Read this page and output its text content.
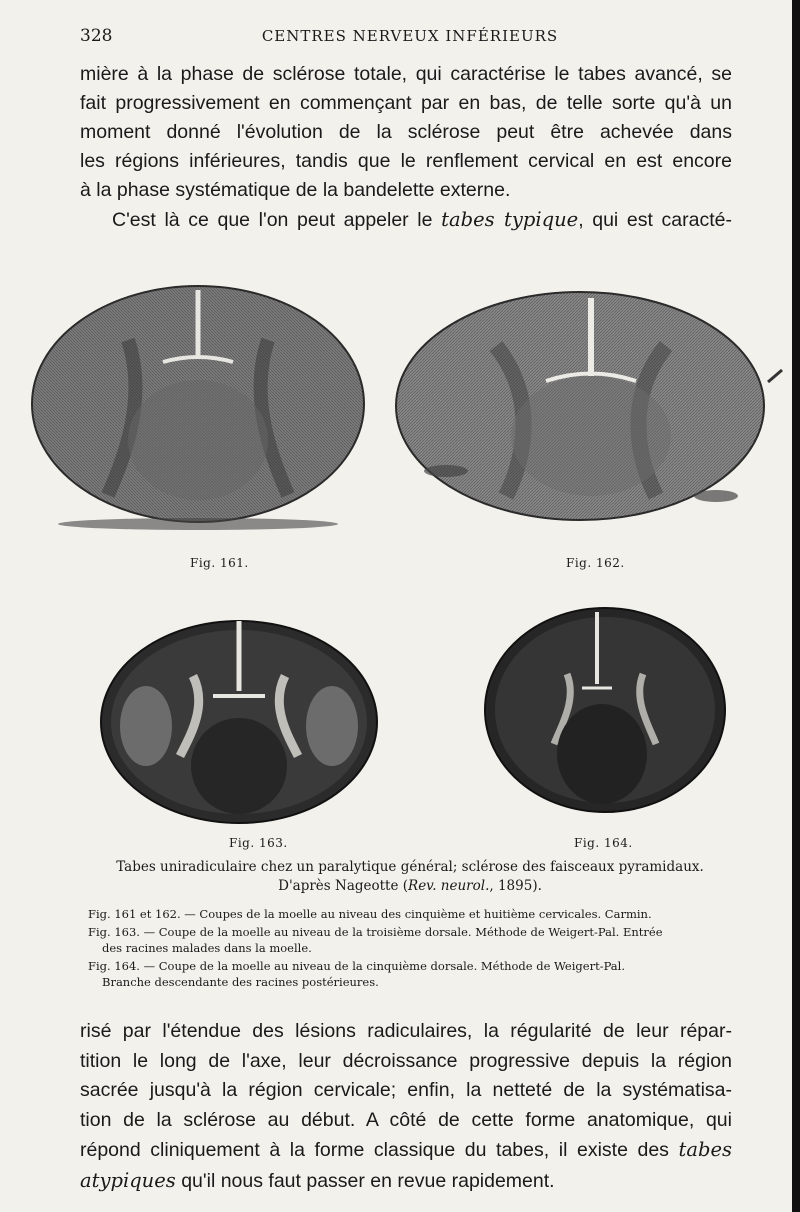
328	CENTRES NERVEUX INFÉRIEURS
mière à la phase de sclérose totale, qui caractérise le tabes avancé, se
fait progressivement en commençant par en bas, de telle sorte qu'à un
moment donné l'évolution de la sclérose peut être achevée dans
les régions inférieures, tandis que le renflement cervical en est encore
à la phase systématique de la bandelette externe.
C'est là ce que l'on peut appeler le tabes typique, qui est caracté-
Fig. 161.	Fig. 162.
Fig. 163.	Fig. 164.
Tabes uniradiculaire chez un paralytique général; sclérose des faisceaux pyramidaux.
D'après Nageotte (Rev. neurol., 1895).

Fig. 161 et 162. — Coupes de la moelle au niveau des cinquième et huitième cervicales. Carmin.

Fig. 163. — Coupe de la moelle au niveau de la troisième dorsale. Méthode de Weigert-Pal. Entrée
des racines malades dans la moelle.

Fig. 164. — Coupe de la moelle au niveau de la cinquième dorsale. Méthode de Weigert-Pal.
Branche descendante des racines postérieures.

risé par l'étendue des lésions radiculaires, la régularité de leur répar-
tition le long de l'axe, leur décroissance progressive depuis la région
sacrée jusqu'à la région cervicale; enfin, la netteté de la systématisa-
tion de la sclérose au début. A côté de cette forme anatomique, qui
répond cliniquement à la forme classique du tabes, il existe des tabes
atypiques qu'il nous faut passer en revue rapidement.
